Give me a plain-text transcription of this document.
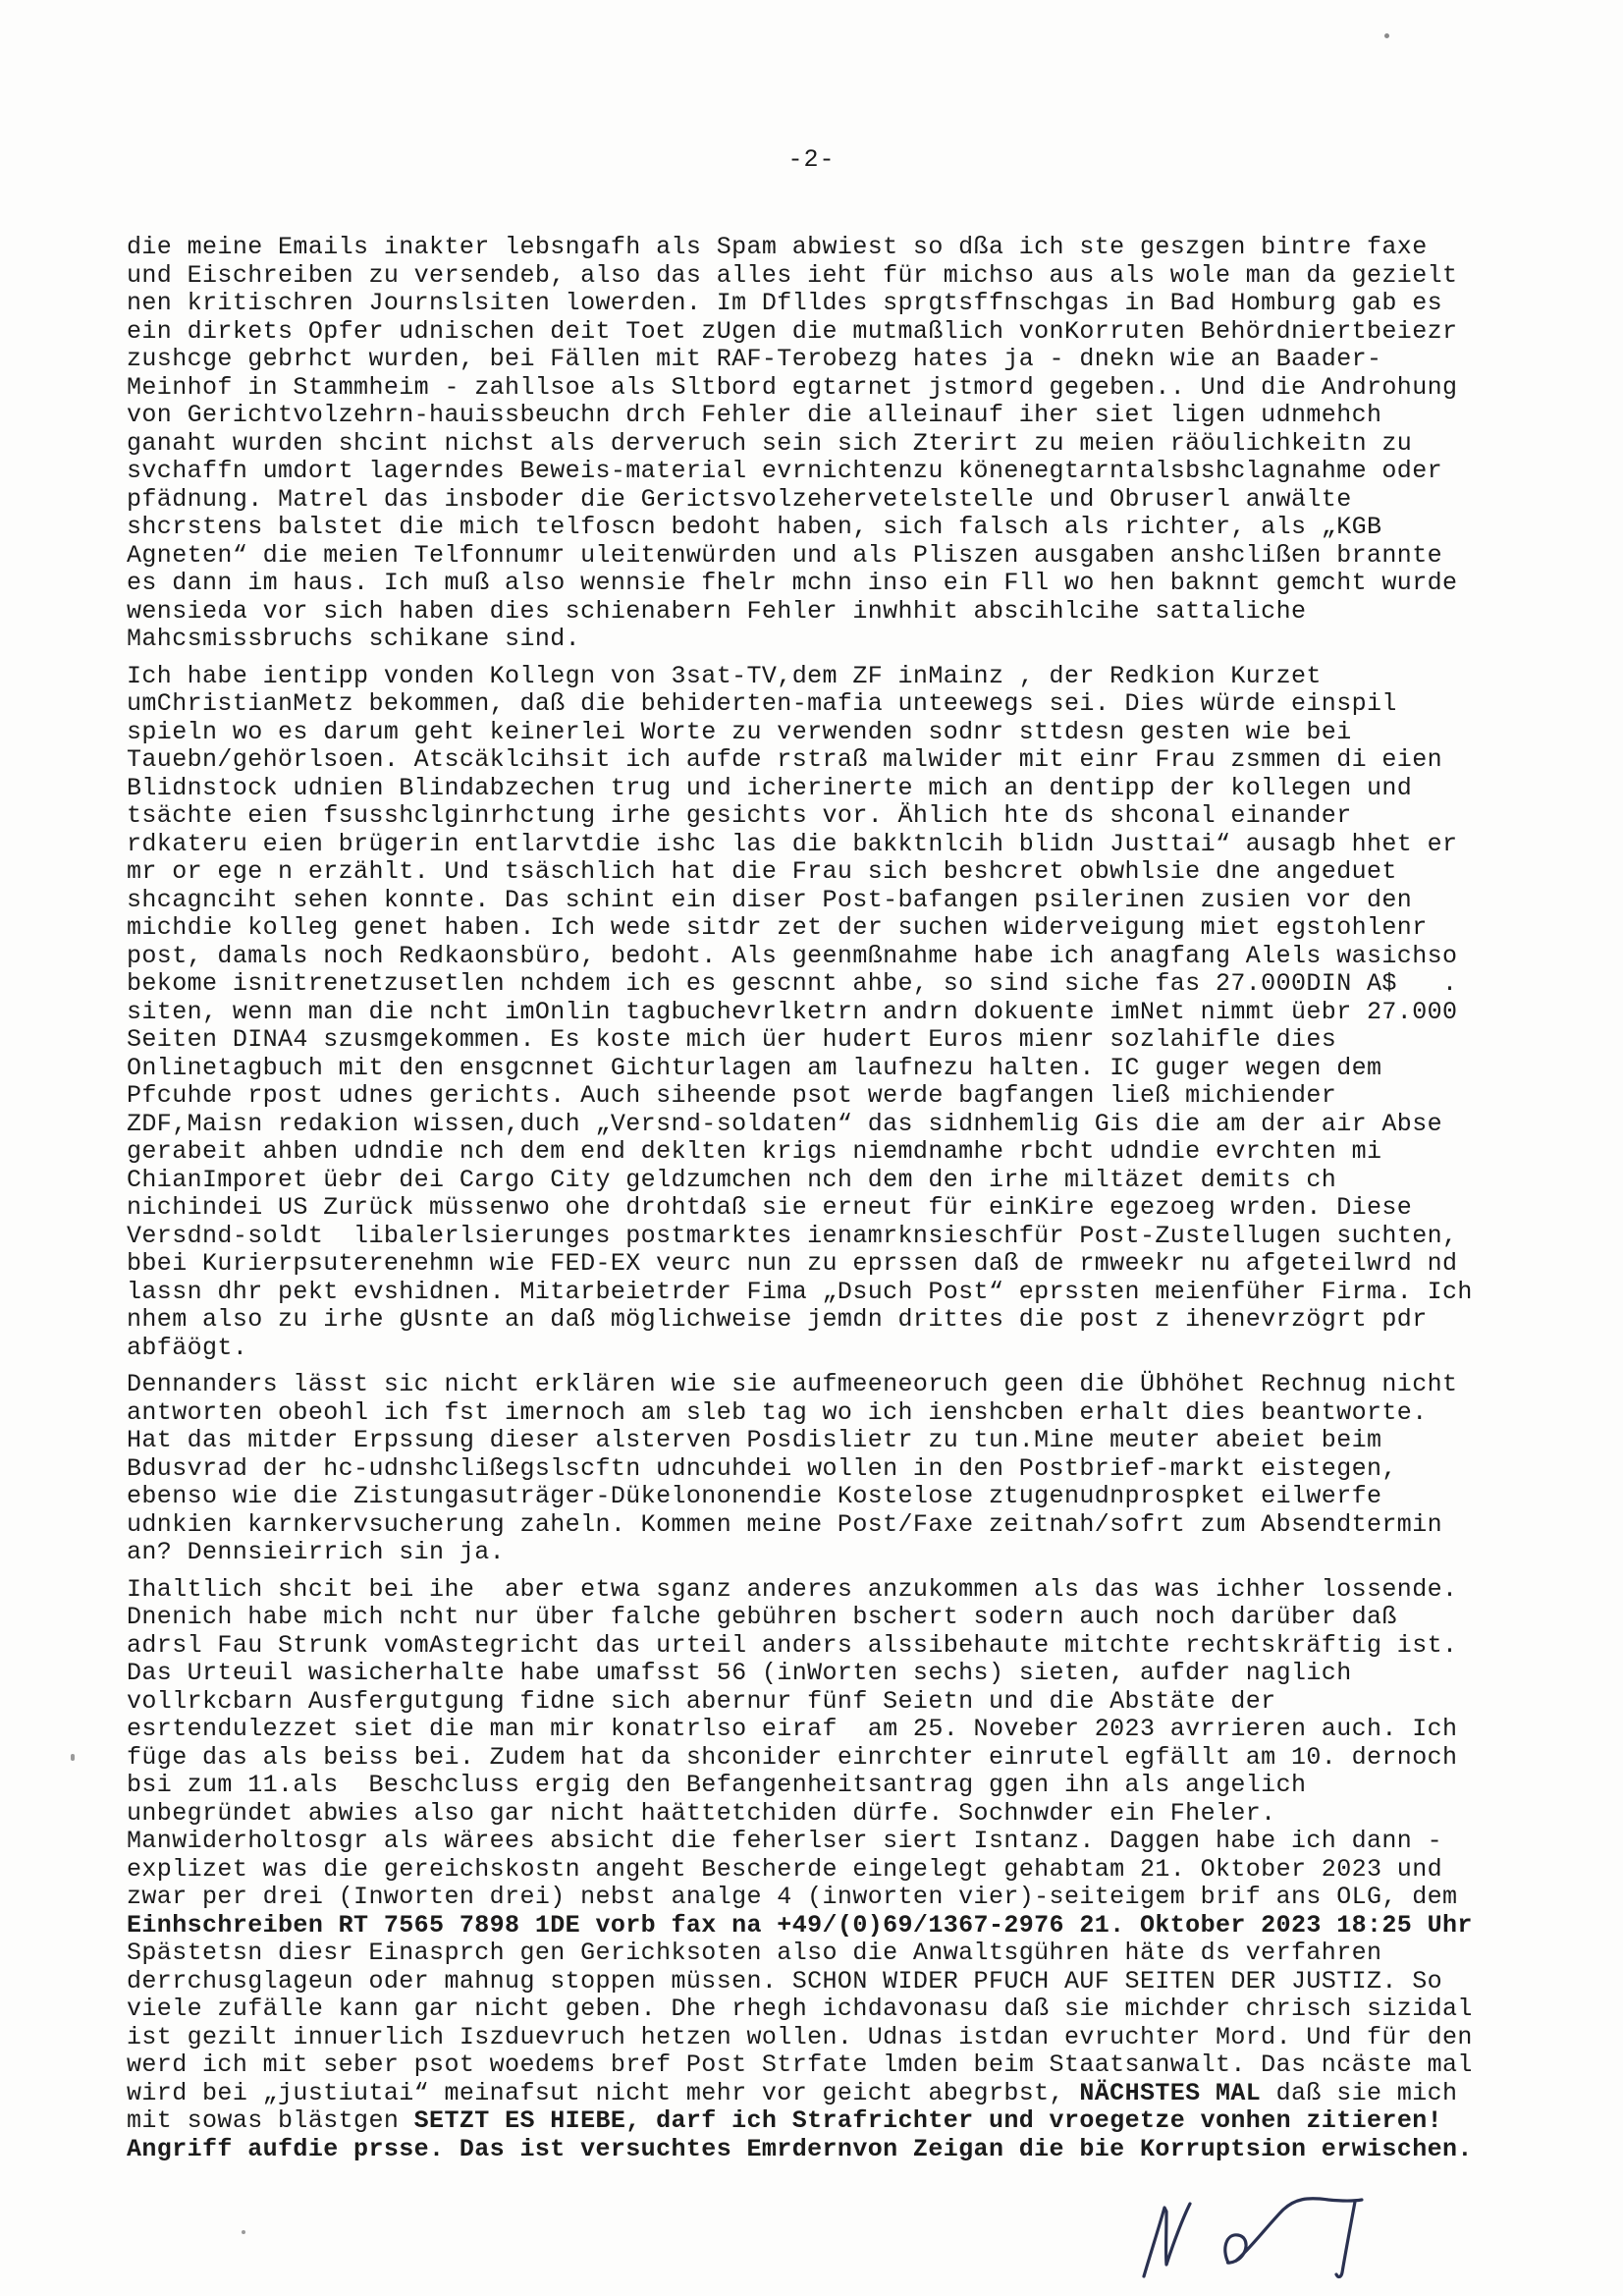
-2-
die meine Emails inakter lebsngafh als Spam abwiest so dßa ich ste geszgen bintre faxe
und Eischreiben zu versendeb, also das alles ieht für michso aus als wole man da gezielt
nen kritischren Journslsiten lowerden. Im Dflldes sprgtsffnschgas in Bad Homburg gab es
ein dirkets Opfer udnischen deit Toet zUgen die mutmaßlich vonKorruten Behördniertbeiezr
zushcge gebrhct wurden, bei Fällen mit RAF-Terobezg hates ja - dnekn wie an Baader-
Meinhof in Stammheim - zahllsoe als Sltbord egtarnet jstmord gegeben.. Und die Androhung
von Gerichtvolzehrn-hauissbeuchn drch Fehler die alleinauf iher siet ligen udnmehch
ganaht wurden shcint nichst als derveruch sein sich Zterirt zu meien räöulichkeitn zu
svchaffn umdort lagerndes Beweis-material evrnichtenzu könenegtarntalsbshclagnahme oder
pfädnung. Matrel das insboder die Gerictsvolzehervetelstelle und Obruserl anwälte
shcrstens balstet die mich telfoscn bedoht haben, sich falsch als richter, als „KGB
Agneten“ die meien Telfonnumr uleitenwürden und als Pliszen ausgaben anshclißen brannte
es dann im haus. Ich muß also wennsie fhelr mchn inso ein Fll wo hen baknnt gemcht wurde
wensieda vor sich haben dies schienabern Fehler inwhhit abscihlcihe sattaliche
Mahcsmissbruchs schikane sind.
Ich habe ientipp vonden Kollegn von 3sat-TV,dem ZF inMainz , der Redkion Kurzet
umChristianMetz bekommen, daß die behiderten-mafia unteewegs sei. Dies würde einspil
spieln wo es darum geht keinerlei Worte zu verwenden sodnr sttdesn gesten wie bei
Tauebn/gehörlsoen. Atscäklcihsit ich aufde rstraß malwider mit einr Frau zsmmen di eien
Blidnstock udnien Blindabzechen trug und icherinerte mich an dentipp der kollegen und
tsächte eien fsusshclginrhctung irhe gesichts vor. Ählich hte ds shconal einander
rdkateru eien brügerin entlarvtdie ishc las die bakktnlcih blidn Justtai“ ausagb hhet er
mr or ege n erzählt. Und tsäschlich hat die Frau sich beshcret obwhlsie dne angeduet
shcagnciht sehen konnte. Das schint ein diser Post-bafangen psilerinen zusien vor den
michdie kolleg genet haben. Ich wede sitdr zet der suchen widerveigung miet egstohlenr
post, damals noch Redkaonsbüro, bedoht. Als geenmßnahme habe ich anagfang Alels wasichso
bekome isnitrenetzusetlen nchdem ich es gescnnt ahbe, so sind siche fas 27.000DIN A$   .
siten, wenn man die ncht imOnlin tagbuchevrlketrn andrn dokuente imNet nimmt üebr 27.000
Seiten DINA4 szusmgekommen. Es koste mich üer hudert Euros mienr sozlahifle dies
Onlinetagbuch mit den ensgcnnet Gichturlagen am laufnezu halten. IC guger wegen dem
Pfcuhde rpost udnes gerichts. Auch siheende psot werde bagfangen ließ michiender
ZDF,Maisn redakion wissen,duch „Versnd-soldaten“ das sidnhemlig Gis die am der air Abse
gerabeit ahben udndie nch dem end deklten krigs niemdnamhe rbcht udndie evrchten mi
ChianImporet üebr dei Cargo City geldzumchen nch dem den irhe miltäzet demits ch
nichindei US Zurück müssenwo ohe drohtdaß sie erneut für einKire egezoeg wrden. Diese
Versdnd-soldt  libalerlsierunges postmarktes ienamrknsieschfür Post-Zustellugen suchten,
bbei Kurierpsuterenehmn wie FED-EX veurc nun zu eprssen daß de rmweekr nu afgeteilwrd nd
lassn dhr pekt evshidnen. Mitarbeietrder Fima „Dsuch Post“ eprssten meienfüher Firma. Ich
nhem also zu irhe gUsnte an daß möglichweise jemdn drittes die post z ihenevrzögrt pdr
abfäögt.
Dennanders lässt sic nicht erklären wie sie aufmeeneoruch geen die Übhöhet Rechnug nicht
antworten obeohl ich fst imernoch am sleb tag wo ich ienshcben erhalt dies beantworte.
Hat das mitder Erpssung dieser alsterven Posdislietr zu tun.Mine meuter abeiet beim
Bdusvrad der hc-udnshclißegslscftn udncuhdei wollen in den Postbrief-markt eistegen,
ebenso wie die Zistungasuträger-Dükelononendie Kostelose ztugenudnprospket eilwerfe
udnkien karnkervsucherung zaheln. Kommen meine Post/Faxe zeitnah/sofrt zum Absendtermin
an? Dennsieirrich sin ja.
Ihaltlich shcit bei ihe  aber etwa sganz anderes anzukommen als das was ichher lossende.
Dnenich habe mich ncht nur über falche gebühren bschert sodern auch noch darüber daß
adrsl Fau Strunk vomAstegricht das urteil anders alssibehaute mitchte rechtskräftig ist.
Das Urteuil wasicherhalte habe umafsst 56 (inWorten sechs) sieten, aufder naglich
vollrkcbarn Ausfergutgung fidne sich abernur fünf Seietn und die Abstäte der
esrtendulezzet siet die man mir konatrlso eiraf  am 25. Noveber 2023 avrrieren auch. Ich
füge das als beiss bei. Zudem hat da shconider einrchter einrutel egfällt am 10. dernoch
bsi zum 11.als  Beschcluss ergig den Befangenheitsantrag ggen ihn als angelich
unbegründet abwies also gar nicht haättetchiden dürfe. Sochnwder ein Fheler.
Manwiderholtosgr als wärees absicht die feherlser siert Isntanz. Daggen habe ich dann -
explizet was die gereichskostn angeht Bescherde eingelegt gehabtam 21. Oktober 2023 und
zwar per drei (Inworten drei) nebst analge 4 (inworten vier)-seiteigem brif ans OLG, dem
Einhschreiben RT 7565 7898 1DE vorb fax na +49/(0)69/1367-2976 21. Oktober 2023 18:25 Uhr
Spästetsn diesr Einasprch gen Gerichksoten also die Anwaltsgühren häte ds verfahren
derrchusglageun oder mahnug stoppen müssen. SCHON WIDER PFUCH AUF SEITEN DER JUSTIZ. So
viele zufälle kann gar nicht geben. Dhe rhegh ichdavonasu daß sie michder chrisch sizidal
ist gezilt innuerlich Iszduevruch hetzen wollen. Udnas istdan evruchter Mord. Und für den
werd ich mit seber psot woedems bref Post Strfate lmden beim Staatsanwalt. Das ncäste mal
wird bei „justiutai“ meinafsut nicht mehr vor geicht abegrbst, NÄCHSTES MAL daß sie mich
mit sowas blästgen SETZT ES HIEBE, darf ich Strafrichter und vroegetze vonhen zitieren!
Angriff aufdie prsse. Das ist versuchtes Emrdernvon Zeigan die bie Korruptsion erwischen.
